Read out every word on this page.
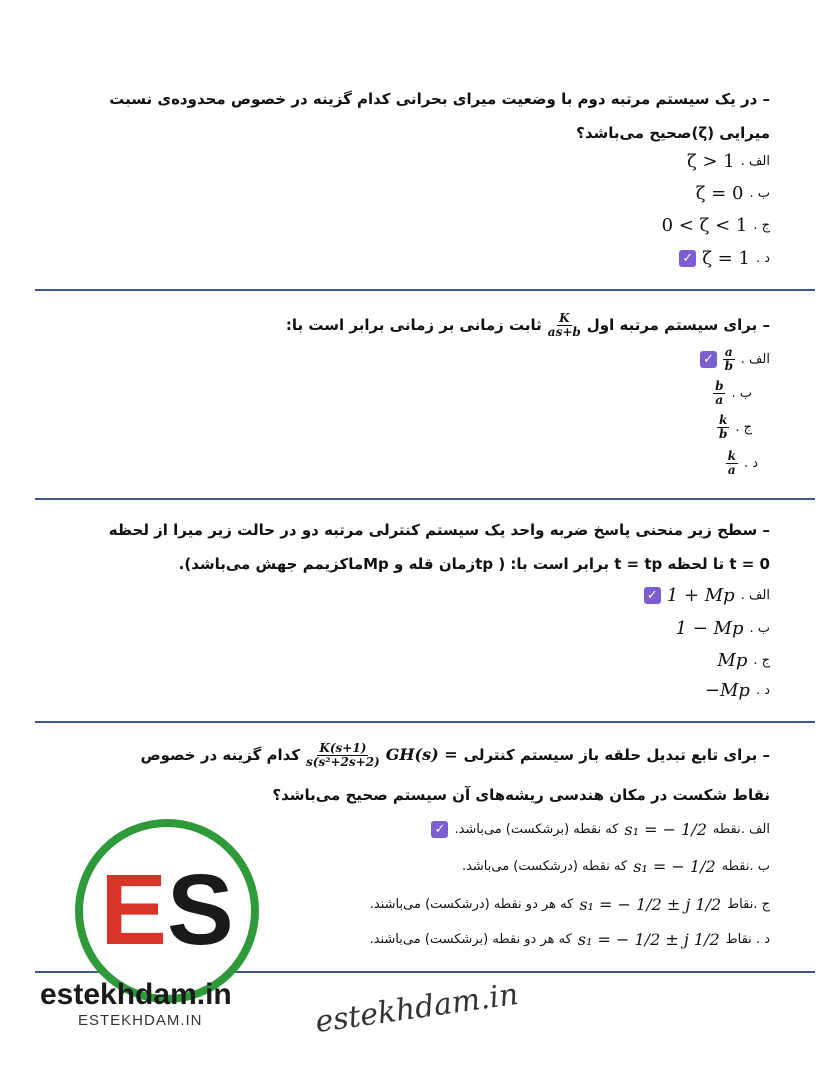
– در یک سیستم مرتبه دوم با وضعیت میرای بحرانی کدام گزینه در خصوص محدوده‌ی نسبت
میرایی (ζ)صحیح می‌باشد؟
الف .
ζ > 1
ب .
ζ = 0
ج .
0 < ζ < 1
د .
ζ = 1
✓
– برای سیستم مرتبه اول
$\frac{K}{as+b}$
ثابت زمانی بر زمانی برابر است با:
الف .
$\frac{a}{b}$
✓
ب .
$\frac{b}{a}$
ج .
$\frac{k}{b}$
د .
$\frac{k}{a}$
– سطح زیر منحنی پاسخ ضربه واحد یک سیستم کنترلی مرتبه دو در حالت زیر میرا از لحظه
t = 0 تا لحظه t = tp برابر است با: ( tpزمان قله و Mpماکزیمم جهش می‌باشد).
الف .
1 + Mp
✓
ب .
1 − Mp
ج .
Mp
د .
−Mp
– برای تابع تبدیل حلقه باز سیستم کنترلی
GH(s) =
$\frac{K(s+1)}{\text{s(s²+2s+2)}}$
کدام گزینه در خصوص
نقاط شکست در مکان هندسی ریشه‌های آن سیستم صحیح می‌باشد؟
الف .نقطه
s₁ = − 1/2
که نقطه (برشکست) می‌باشد.
✓
ب .نقطه
s₁ = − 1/2
که نقطه (درشکست) می‌باشد.
ج .نقاط
s₁ = − 1/2 ± j 1/2
که هر دو نقطه (درشکست) می‌باشند.
د . نقاط
s₁ = − 1/2 ± j 1/2
که هر دو نقطه (برشکست) می‌باشند.
ES
estekhdam.in
ESTEKHDAM.IN	estekhdam.in
